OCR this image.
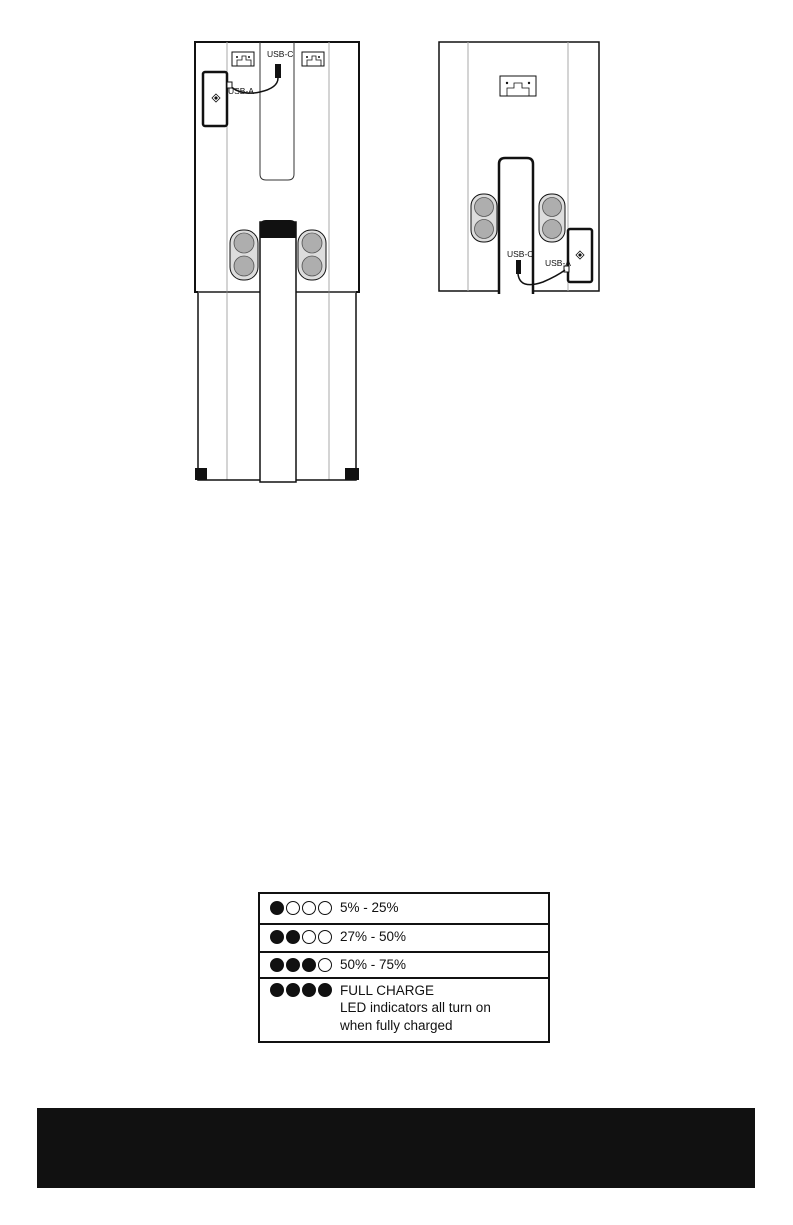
USB-C
USB-A
USB-A
USB-C
5% - 25%
27% - 50%
50% - 75%
FULL CHARGE
LED indicators all turn on
when fully charged
